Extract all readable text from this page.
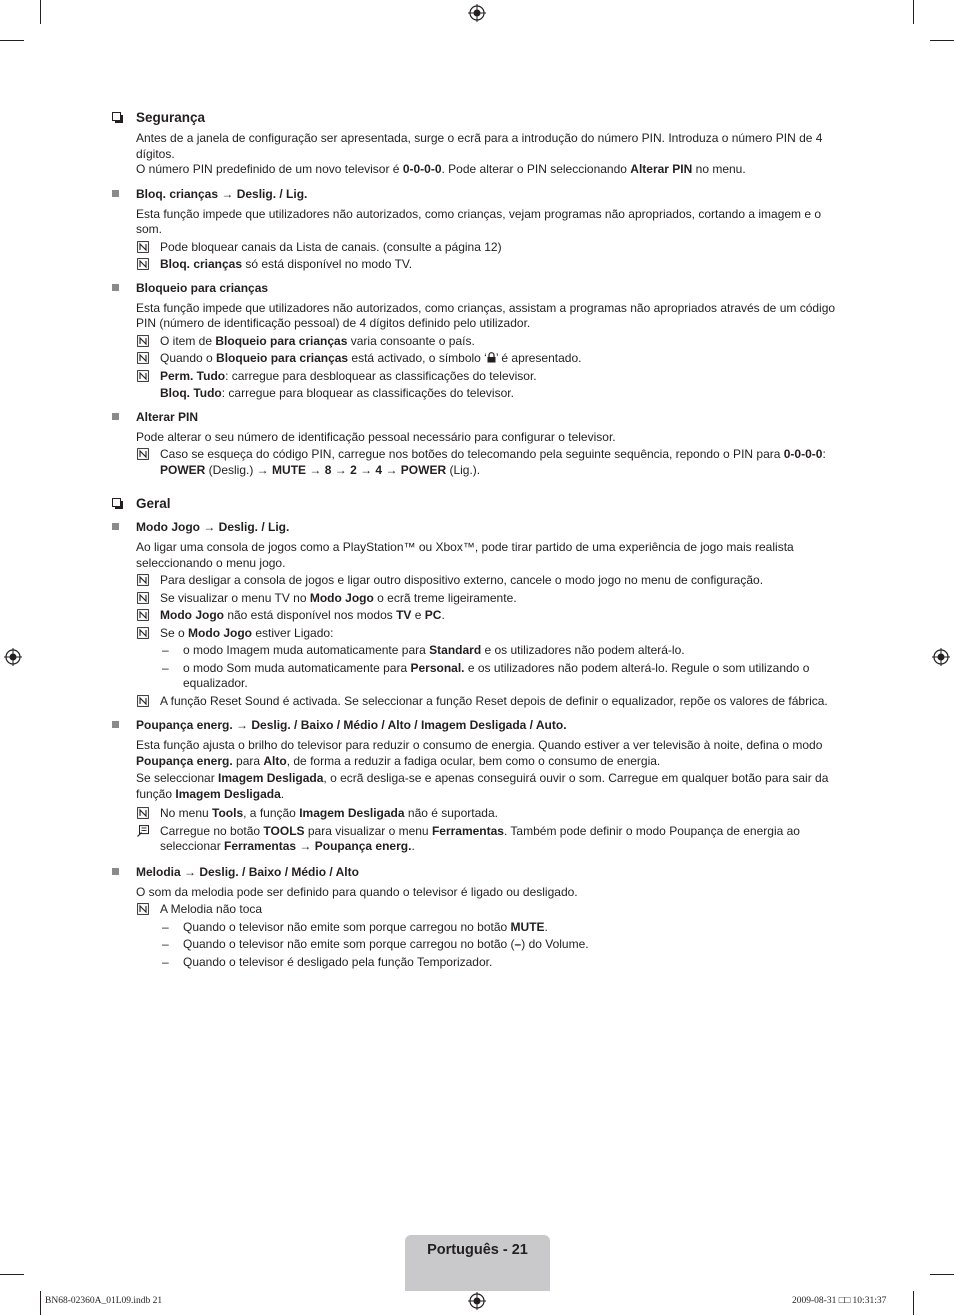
Segurança
Antes de a janela de configuração ser apresentada, surge o ecrã para a introdução do número PIN. Introduza o número PIN de 4 dígitos.
O número PIN predefinido de um novo televisor é 0-0-0-0. Pode alterar o PIN seleccionando Alterar PIN no menu.
Bloq. crianças → Deslig. / Lig.
Esta função impede que utilizadores não autorizados, como crianças, vejam programas não apropriados, cortando a imagem e o som.
Pode bloquear canais da Lista de canais. (consulte a página 12)
Bloq. crianças só está disponível no modo TV.
Bloqueio para crianças
Esta função impede que utilizadores não autorizados, como crianças, assistam a programas não apropriados através de um código PIN (número de identificação pessoal) de 4 dígitos definido pelo utilizador.
O item de Bloqueio para crianças varia consoante o país.
Quando o Bloqueio para crianças está activado, o símbolo ‘ ’ é apresentado.
Perm. Tudo: carregue para desbloquear as classificações do televisor.
Bloq. Tudo: carregue para bloquear as classificações do televisor.
Alterar PIN
Pode alterar o seu número de identificação pessoal necessário para configurar o televisor.
Caso se esqueça do código PIN, carregue nos botões do telecomando pela seguinte sequência, repondo o PIN para 0-0-0-0: POWER (Deslig.) → MUTE → 8 → 2 → 4 → POWER (Lig.).
Geral
Modo Jogo → Deslig. / Lig.
Ao ligar uma consola de jogos como a PlayStation™ ou Xbox™, pode tirar partido de uma experiência de jogo mais realista seleccionando o menu jogo.
Para desligar a consola de jogos e ligar outro dispositivo externo, cancele o modo jogo no menu de configuração.
Se visualizar o menu TV no Modo Jogo o ecrã treme ligeiramente.
Modo Jogo não está disponível nos modos TV e PC.
Se o Modo Jogo estiver Ligado:
– o modo Imagem muda automaticamente para Standard e os utilizadores não podem alterá-lo.
– o modo Som muda automaticamente para Personal. e os utilizadores não podem alterá-lo. Regule o som utilizando o equalizador.
A função Reset Sound é activada. Se seleccionar a função Reset depois de definir o equalizador, repõe os valores de fábrica.
Poupança energ. → Deslig. / Baixo / Médio / Alto / Imagem Desligada / Auto.
Esta função ajusta o brilho do televisor para reduzir o consumo de energia. Quando estiver a ver televisão à noite, defina o modo Poupança energ. para Alto, de forma a reduzir a fadiga ocular, bem como o consumo de energia.
Se seleccionar Imagem Desligada, o ecrã desliga-se e apenas conseguirá ouvir o som. Carregue em qualquer botão para sair da função Imagem Desligada.
No menu Tools, a função Imagem Desligada não é suportada.
Carregue no botão TOOLS para visualizar o menu Ferramentas. Também pode definir o modo Poupança de energia ao seleccionar Ferramentas → Poupança energ..
Melodia → Deslig. / Baixo / Médio / Alto
O som da melodia pode ser definido para quando o televisor é ligado ou desligado.
A Melodia não toca
– Quando o televisor não emite som porque carregou no botão MUTE.
– Quando o televisor não emite som porque carregou no botão (–) do Volume.
– Quando o televisor é desligado pela função Temporizador.
Português - 21
BN68-02360A_01L09.indb 21	2009-08-31 □□ 10:31:37
